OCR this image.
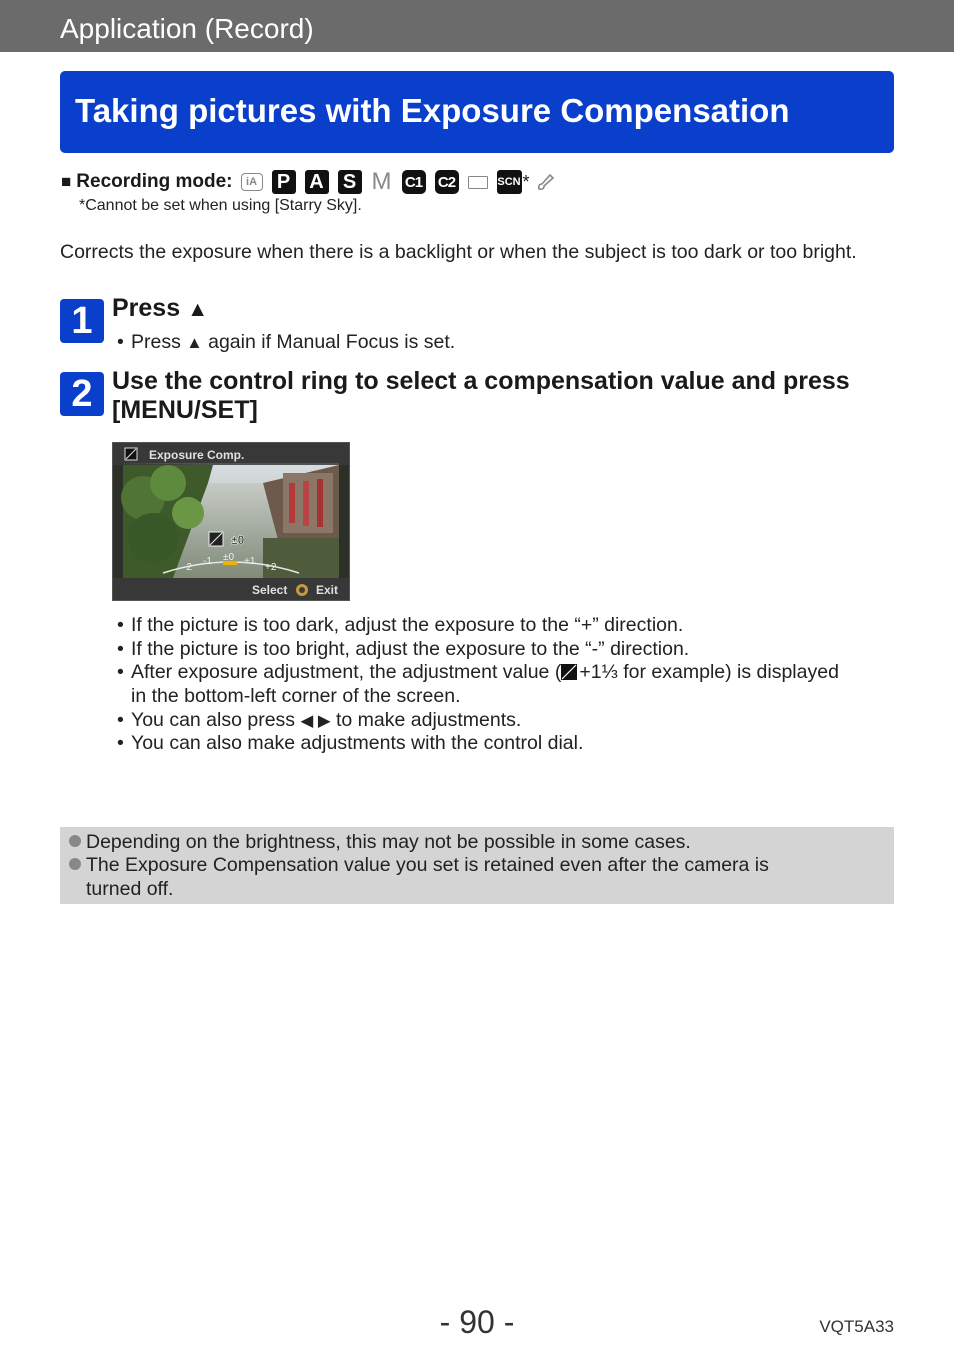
Application (Record)
Taking pictures with Exposure Compensation
■ Recording mode:	iA P A S M C1 C2	SCN *
*Cannot be set when using [Starry Sky].
Corrects the exposure when there is a backlight or when the subject is too dark or too bright.
1 Press ▲
• Press ▲ again if Manual Focus is set.
2 Use the control ring to select a compensation value and press [MENU/SET]
Exposure Comp.
±0
-2
-1 ±0 +1
+2
Select Exit
• If the picture is too dark, adjust the exposure to the “+” direction.
• If the picture is too bright, adjust the exposure to the “-” direction.
• After exposure adjustment, the adjustment value ( +1⅓ for example) is displayed
in the bottom-left corner of the screen.
• You can also press ◀ ▶ to make adjustments.
• You can also make adjustments with the control dial.
Depending on the brightness, this may not be possible in some cases.
The Exposure Compensation value you set is retained even after the camera is
turned off.
- 90 -	VQT5A33
